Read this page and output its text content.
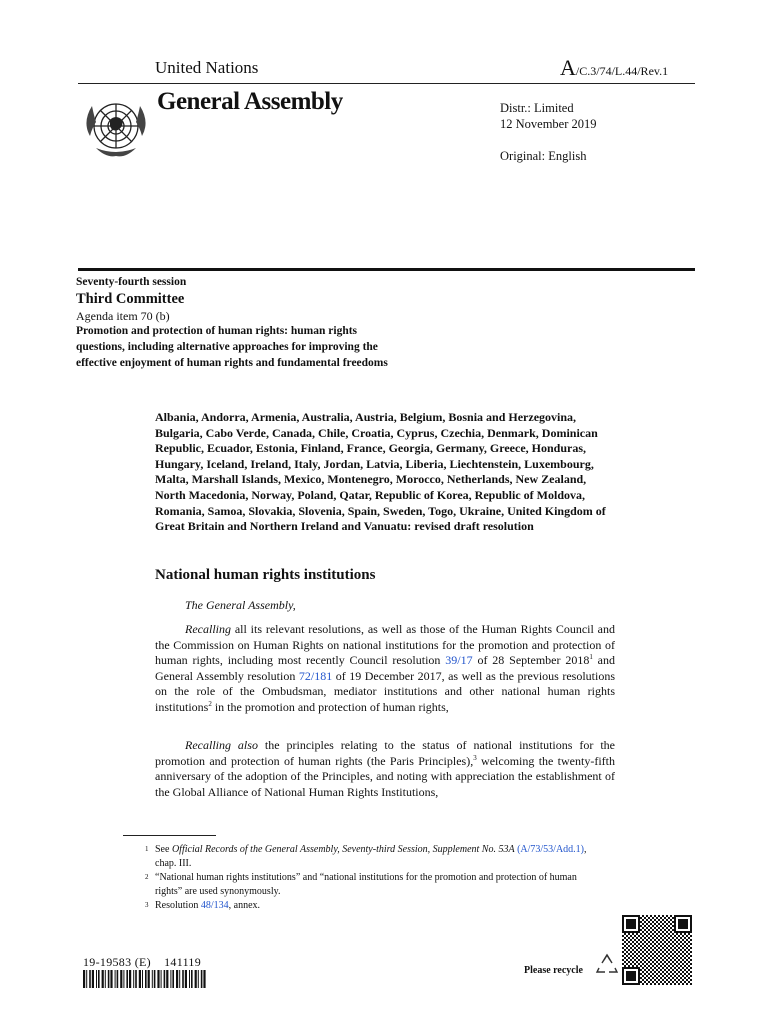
United Nations	A/C.3/74/L.44/Rev.1
General Assembly	Distr.: Limited
12 November 2019
Original: English
Seventy-fourth session
Third Committee
Agenda item 70 (b)
Promotion and protection of human rights: human rights questions, including alternative approaches for improving the effective enjoyment of human rights and fundamental freedoms
Albania, Andorra, Armenia, Australia, Austria, Belgium, Bosnia and Herzegovina, Bulgaria, Cabo Verde, Canada, Chile, Croatia, Cyprus, Czechia, Denmark, Dominican Republic, Ecuador, Estonia, Finland, France, Georgia, Germany, Greece, Honduras, Hungary, Iceland, Ireland, Italy, Jordan, Latvia, Liberia, Liechtenstein, Luxembourg, Malta, Marshall Islands, Mexico, Montenegro, Morocco, Netherlands, New Zealand, North Macedonia, Norway, Poland, Qatar, Republic of Korea, Republic of Moldova, Romania, Samoa, Slovakia, Slovenia, Spain, Sweden, Togo, Ukraine, United Kingdom of Great Britain and Northern Ireland and Vanuatu: revised draft resolution
National human rights institutions
The General Assembly,
Recalling all its relevant resolutions, as well as those of the Human Rights Council and the Commission on Human Rights on national institutions for the promotion and protection of human rights, including most recently Council resolution 39/17 of 28 September 2018$^1$ and General Assembly resolution 72/181 of 19 December 2017, as well as the previous resolutions on the role of the Ombudsman, mediator institutions and other national human rights institutions$^2$ in the promotion and protection of human rights,
Recalling also the principles relating to the status of national institutions for the promotion and protection of human rights (the Paris Principles),$^3$ welcoming the twenty-fifth anniversary of the adoption of the Principles, and noting with appreciation the establishment of the Global Alliance of National Human Rights Institutions,
1 See Official Records of the General Assembly, Seventy-third Session, Supplement No. 53A (A/73/53/Add.1), chap. III.
2 “National human rights institutions” and “national institutions for the promotion and protection of human rights” are used synonymously.
3 Resolution 48/134, annex.
19-19583 (E)    141119
Please recycle
